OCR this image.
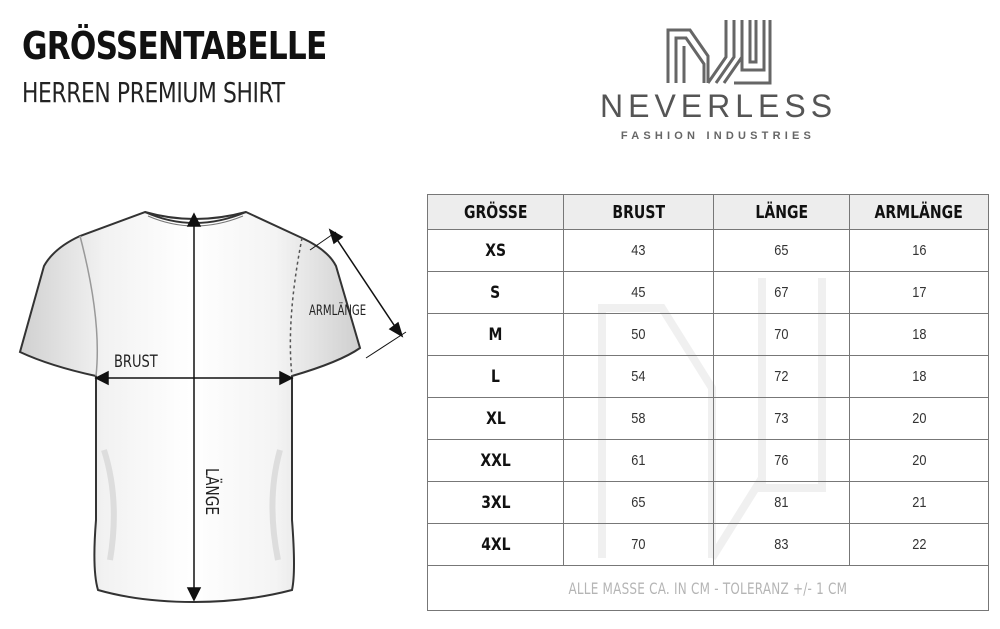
GRÖSSENTABELLE
HERREN PREMIUM SHIRT	NEVERLESS
FASHION INDUSTRIES
BRUST
ARMLÄNGE
LÄNGE
GRÖSSE	BRUST	LÄNGE	ARMLÄNGE
XS	43	65	16
S	45	67	17
M	50	70	18
L	54	72	18
XL	58	73	20
XXL	61	76	20
3XL	65	81	21
4XL	70	83	22
ALLE MASSE CA. IN CM - TOLERANZ +/- 1 CM			
